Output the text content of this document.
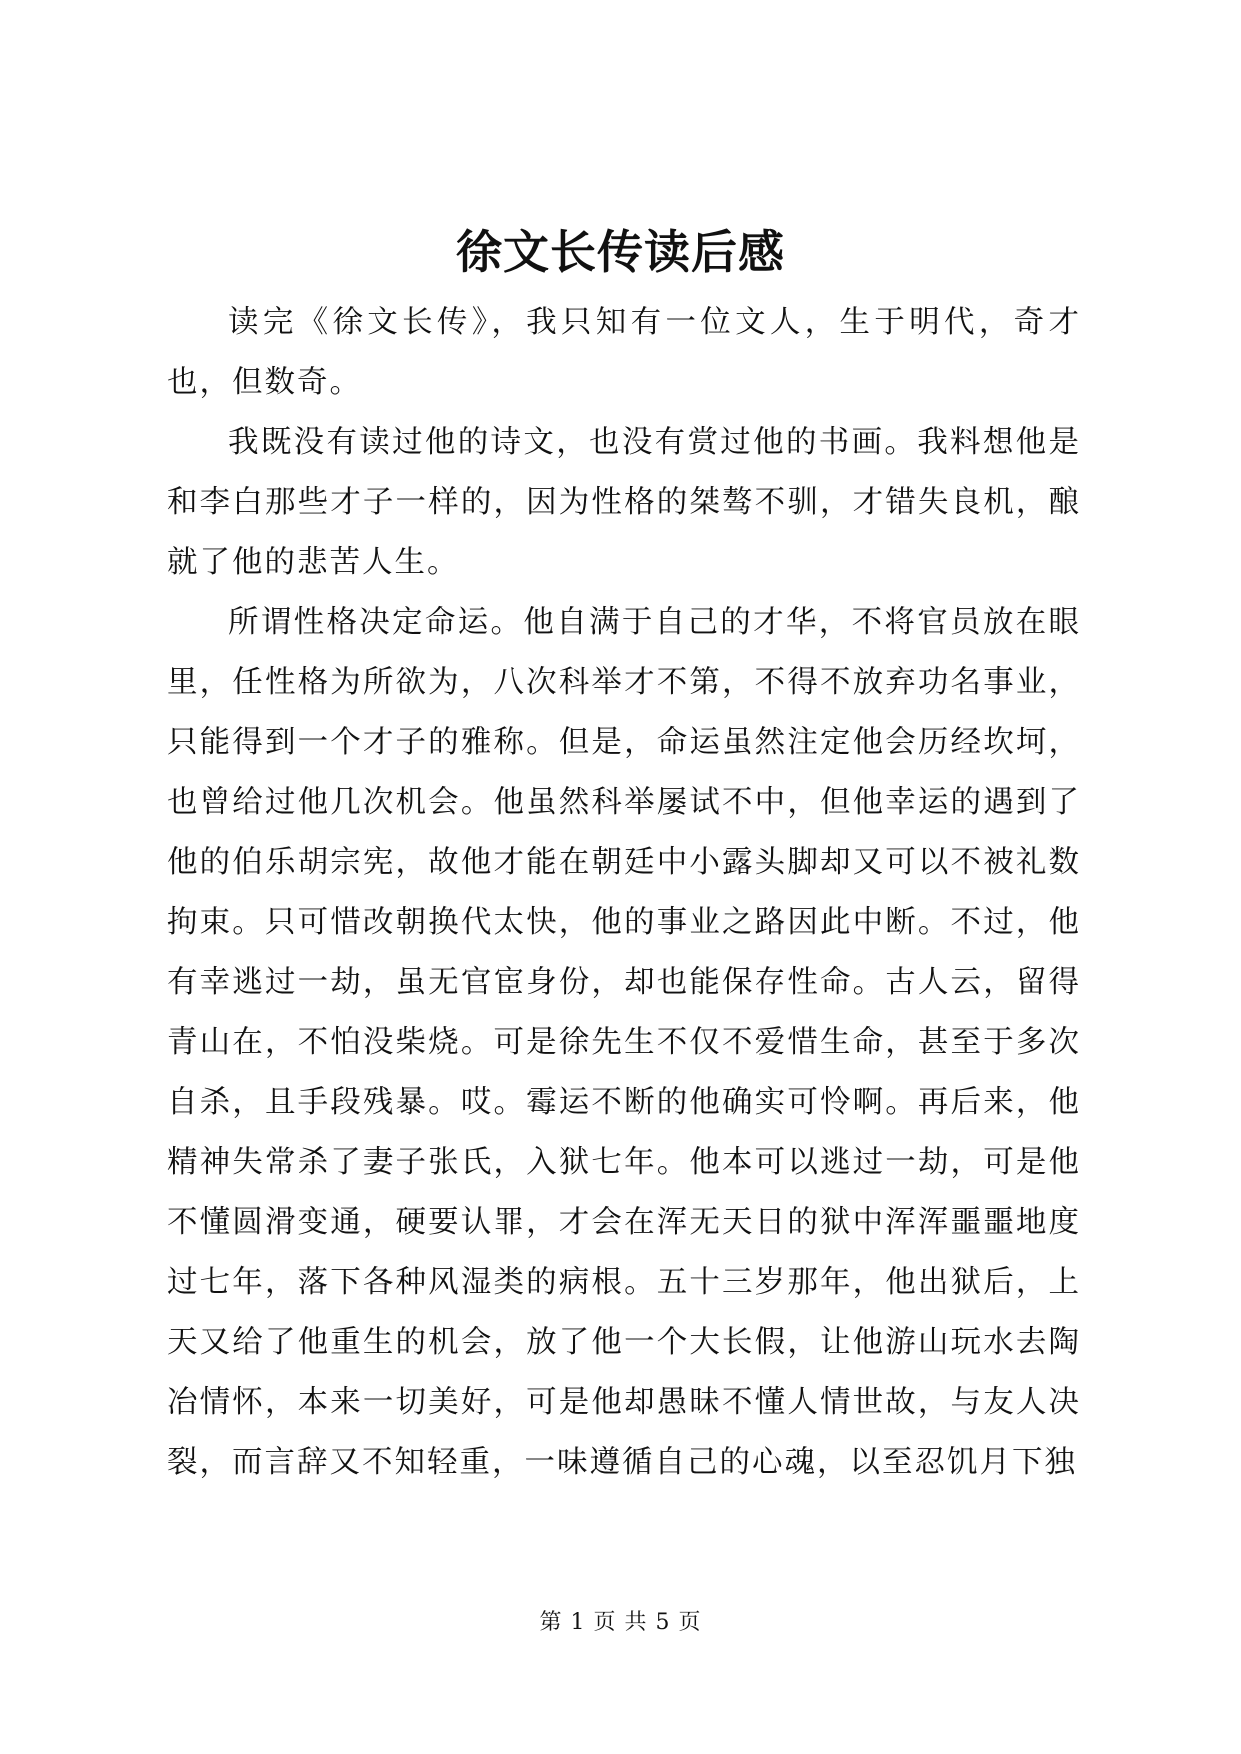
徐文长传读后感

读完《徐文长传》，我只知有一位文人，生于明代，奇才也，但数奇。

我既没有读过他的诗文，也没有赏过他的书画。我料想他是和李白那些才子一样的，因为性格的桀骜不驯，才错失良机，酿就了他的悲苦人生。

所谓性格决定命运。他自满于自己的才华，不将官员放在眼里，任性格为所欲为，八次科举才不第，不得不放弃功名事业，只能得到一个才子的雅称。但是，命运虽然注定他会历经坎坷，也曾给过他几次机会。他虽然科举屡试不中，但他幸运的遇到了他的伯乐胡宗宪，故他才能在朝廷中小露头脚却又可以不被礼数拘束。只可惜改朝换代太快，他的事业之路因此中断。不过，他有幸逃过一劫，虽无官宦身份，却也能保存性命。古人云，留得青山在，不怕没柴烧。可是徐先生不仅不爱惜生命，甚至于多次自杀，且手段残暴。哎。霉运不断的他确实可怜啊。再后来，他精神失常杀了妻子张氏，入狱七年。他本可以逃过一劫，可是他不懂圆滑变通，硬要认罪，才会在浑无天日的狱中浑浑噩噩地度过七年，落下各种风湿类的病根。五十三岁那年，他出狱后，上天又给了他重生的机会，放了他一个大长假，让他游山玩水去陶冶情怀，本来一切美好，可是他却愚昧不懂人情世故，与友人决裂，而言辞又不知轻重，一味遵循自己的心魂，以至忍饥月下独

第 1 页 共 5 页
